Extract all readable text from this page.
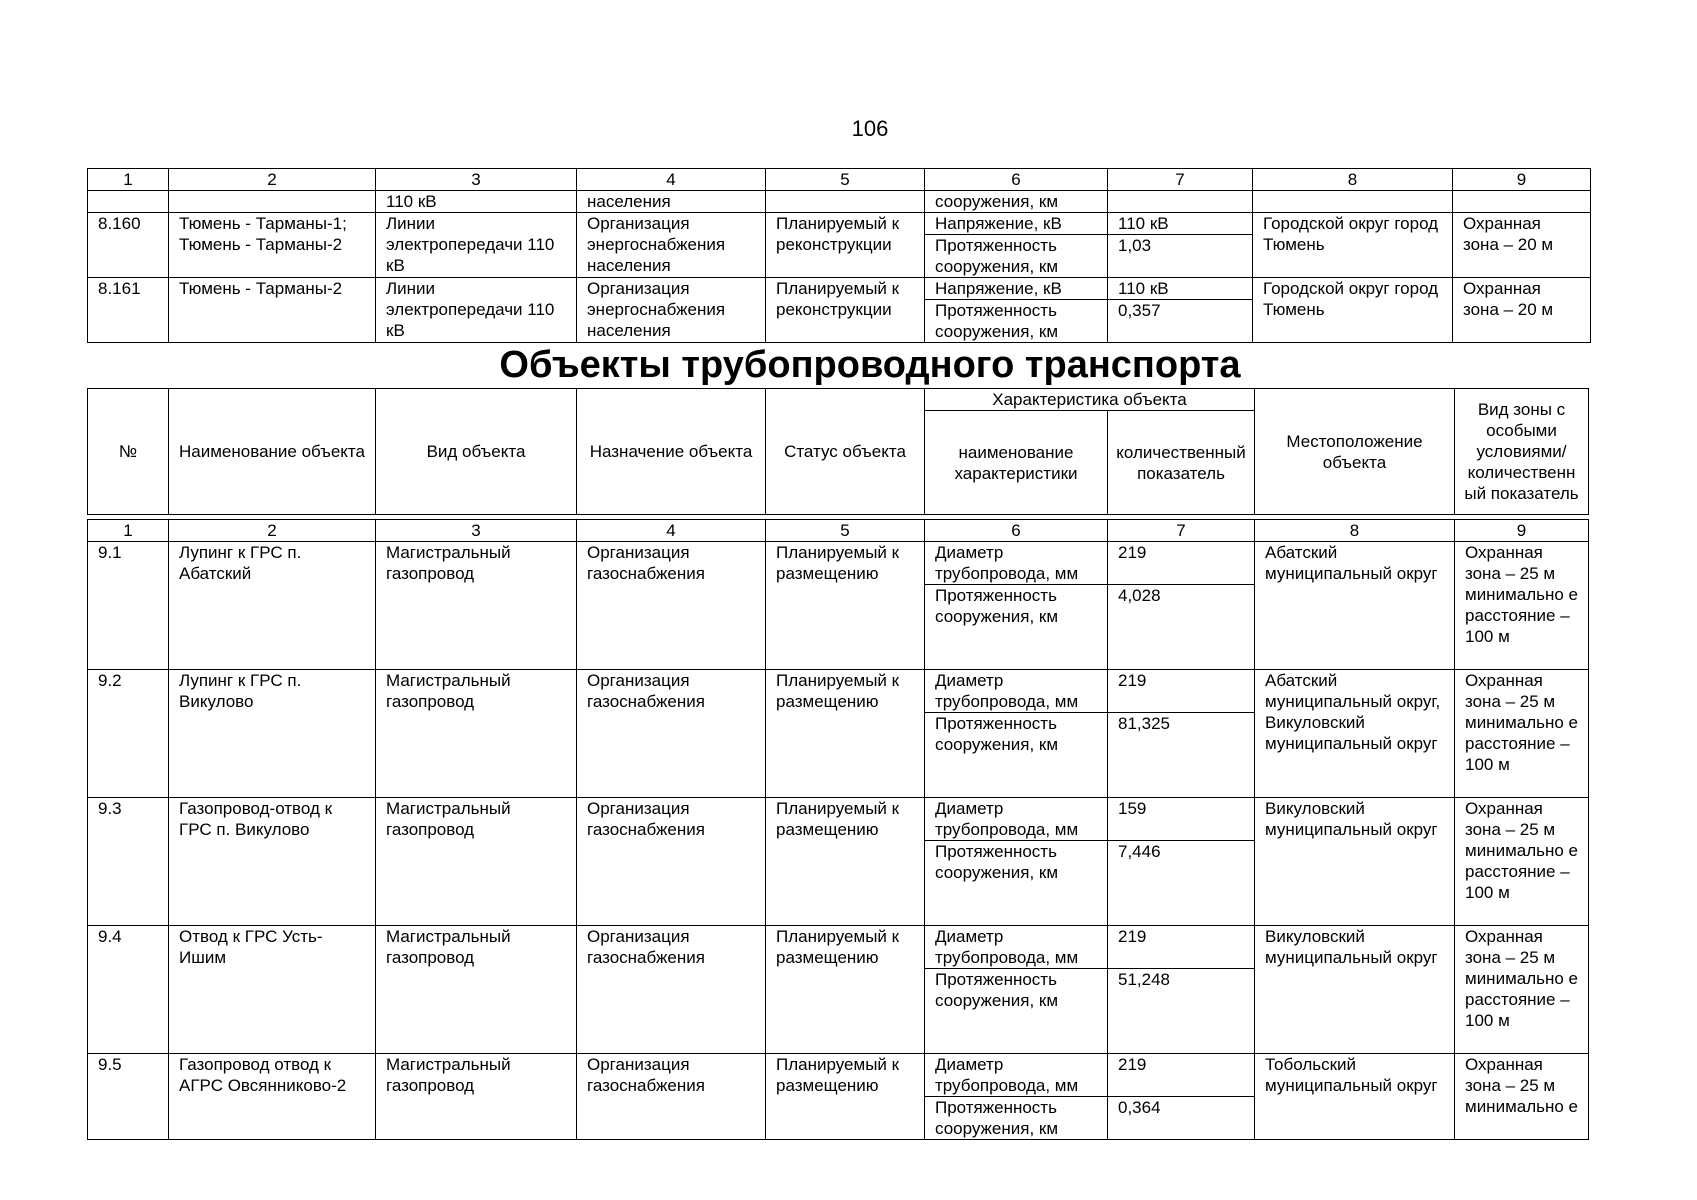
106
1	2	3	4	5	6	7	8	9
		110 кВ	населения		сооружения, км			
8.160	Тюмень - Тарманы-1; Тюмень - Тарманы-2	Линии электропередачи 110 кВ	Организация энергоснабжения населения	Планируемый к реконструкции	Напряжение, кВ	110 кВ	Городской округ город Тюмень	Охранная зона – 20 м
					Протяженность сооружения, км	1,03		
8.161	Тюмень - Тарманы-2	Линии электропередачи 110 кВ	Организация энергоснабжения населения	Планируемый к реконструкции	Напряжение, кВ	110 кВ	Городской округ город Тюмень	Охранная зона – 20 м
					Протяженность сооружения, км	0,357		
Объекты трубопроводного транспорта
№	Наименование объекта	Вид объекта	Назначение объекта	Статус объекта	Характеристика объекта		Местоположение объекта	Вид зоны с особыми условиями/ количественн ый показатель
					наименование характеристики	количественный показатель		
1	2	3	4	5	6	7	8	9
9.1	Лупинг к ГРС п. Абатский	Магистральный газопровод	Организация газоснабжения	Планируемый к размещению	Диаметр трубопровода, мм	219	Абатский муниципальный округ	Охранная зона – 25 м минимально е расстояние – 100 м
					Протяженность сооружения, км	4,028		
9.2	Лупинг к ГРС п. Викулово	Магистральный газопровод	Организация газоснабжения	Планируемый к размещению	Диаметр трубопровода, мм	219	Абатский муниципальный округ, Викуловский муниципальный округ	Охранная зона – 25 м минимально е расстояние – 100 м
					Протяженность сооружения, км	81,325		
9.3	Газопровод-отвод к ГРС п. Викулово	Магистральный газопровод	Организация газоснабжения	Планируемый к размещению	Диаметр трубопровода, мм	159	Викуловский муниципальный округ	Охранная зона – 25 м минимально е расстояние – 100 м
					Протяженность сооружения, км	7,446		
9.4	Отвод к ГРС Усть-Ишим	Магистральный газопровод	Организация газоснабжения	Планируемый к размещению	Диаметр трубопровода, мм	219	Викуловский муниципальный округ	Охранная зона – 25 м минимально е расстояние – 100 м
					Протяженность сооружения, км	51,248		
9.5	Газопровод отвод к АГРС Овсянниково-2	Магистральный газопровод	Организация газоснабжения	Планируемый к размещению	Диаметр трубопровода, мм	219	Тобольский муниципальный округ	Охранная зона – 25 м минимально е
					Протяженность сооружения, км	0,364		
